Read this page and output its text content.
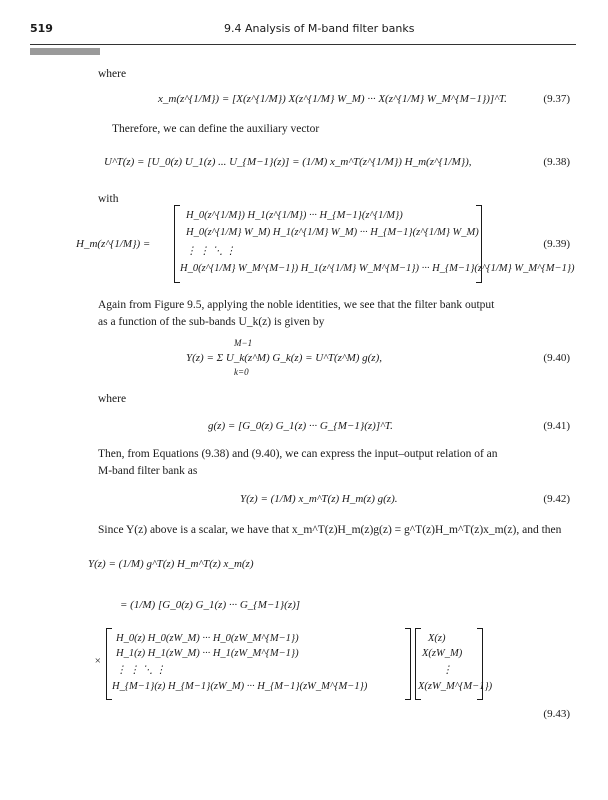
519	9.4 Analysis of M-band filter banks
where
x_m(z^{1/M}) = [X(z^{1/M}) X(z^{1/M} W_M) ··· X(z^{1/M} W_M^{M−1})]^T.	(9.37)
Therefore, we can define the auxiliary vector
U^T(z) = [U_0(z) U_1(z) ... U_{M−1}(z)] = (1/M) x_m^T(z^{1/M}) H_m(z^{1/M}),	(9.38)
with
H_m(z^{1/M}) =
H_0(z^{1/M}) H_1(z^{1/M}) ··· H_{M−1}(z^{1/M})
H_0(z^{1/M} W_M) H_1(z^{1/M} W_M) ··· H_{M−1}(z^{1/M} W_M)
⋮ ⋮ ⋱ ⋮
H_0(z^{1/M} W_M^{M−1}) H_1(z^{1/M} W_M^{M−1}) ··· H_{M−1}(z^{1/M} W_M^{M−1})
(9.39)
Again from Figure 9.5, applying the noble identities, we see that the filter bank output
as a function of the sub-bands U_k(z) is given by
M−1
Y(z) = Σ U_k(z^M) G_k(z) = U^T(z^M) g(z),
k=0
(9.40)
where
g(z) = [G_0(z) G_1(z) ··· G_{M−1}(z)]^T.	(9.41)
Then, from Equations (9.38) and (9.40), we can express the input–output relation of an
M-band filter bank as
Y(z) = (1/M) x_m^T(z) H_m(z) g(z).	(9.42)
Since Y(z) above is a scalar, we have that x_m^T(z)H_m(z)g(z) = g^T(z)H_m^T(z)x_m(z), and then
Y(z) = (1/M) g^T(z) H_m^T(z) x_m(z)
= (1/M) [G_0(z) G_1(z) ··· G_{M−1}(z)]
×
H_0(z) H_0(zW_M) ··· H_0(zW_M^{M−1})
H_1(z) H_1(zW_M) ··· H_1(zW_M^{M−1})
⋮ ⋮ ⋱ ⋮
H_{M−1}(z) H_{M−1}(zW_M) ··· H_{M−1}(zW_M^{M−1})
X(z)
X(zW_M)
⋮
X(zW_M^{M−1})
(9.43)
